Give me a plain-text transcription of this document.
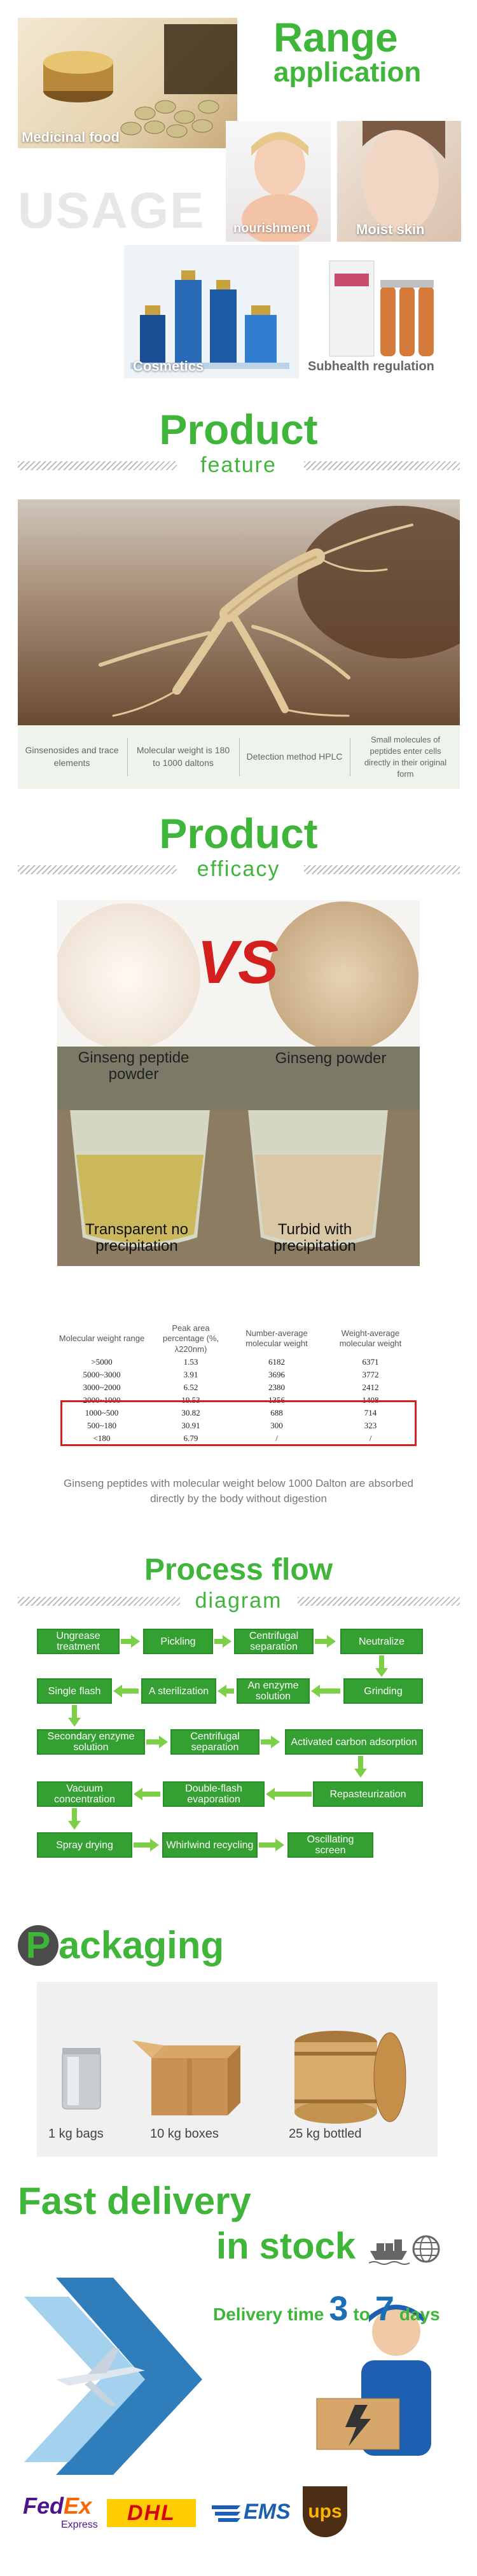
Medicinal food
Range
application
USAGE nourishment	Moist skin
Cosmetics	Subhealth regulation
Product
feature
Ginsenosides and trace elements
Molecular weight is 180 to 1000 daltons
Detection method HPLC
Small molecules of peptides enter cells directly in their original form
Product
efficacy
VS
Ginseng peptide powder
Ginseng powder
Transparent no precipitation
Turbid with precipitation
Molecular weight range	Peak area percentage (%, λ220nm)	Number-average molecular weight	Weight-average molecular weight
>5000	1.53	6182	6371
5000~3000	3.91	3696	3772
3000~2000	6.52	2380	2412
2000~1000	19.53	1356	1408
1000~500	30.82	688	714
500~180	30.91	300	323
<180	6.79	/	/
Ginseng peptides with molecular weight below 1000 Dalton are absorbed directly by the body without digestion
Process flow
diagram
Ungrease treatment	Pickling	Centrifugal separation	Neutralize
Single flash	A sterilization	An enzyme solution	Grinding
Secondary enzyme solution
Centrifugal separation	Activated carbon adsorption
Vacuum concentration
Double-flash evaporation	Repasteurization
Spray drying	Whirlwind recycling	Oscillating screen
P ackaging
1 kg bags	10 kg boxes	25 kg bottled
Fast delivery
in stock
Delivery time 3 to 7 days
FedEx
Express DHL	EMS ups
